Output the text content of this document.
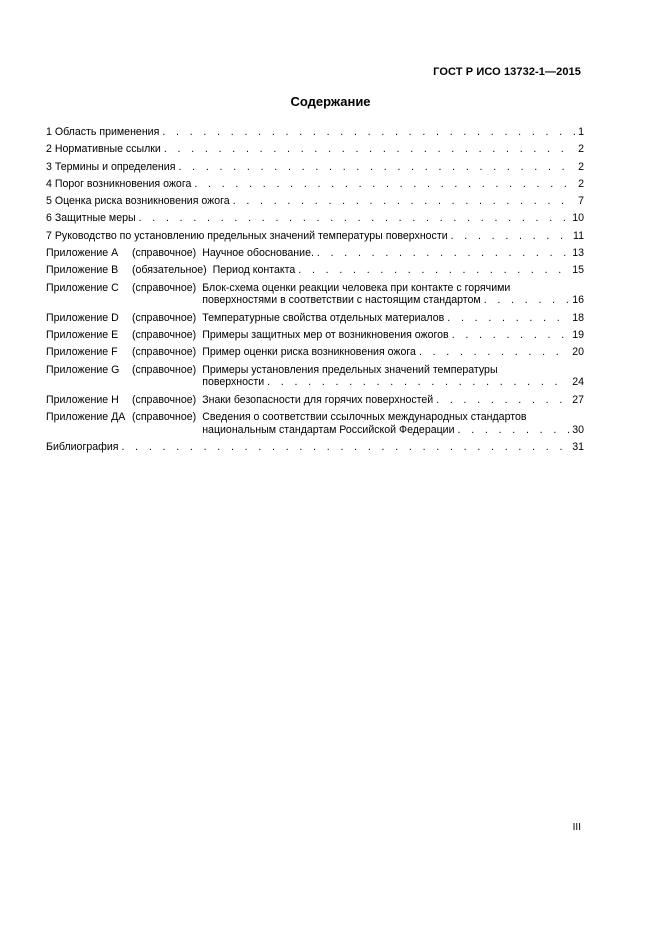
ГОСТ Р ИСО 13732-1—2015
Содержание
1 Область применения . . .	1
2 Нормативные ссылки . . .	2
3 Термины и определения . . .	2
4 Порог возникновения ожога . . .	2
5 Оценка риска возникновения ожога . . .	7
6 Защитные меры . . .	10
7 Руководство по установлению предельных значений температуры поверхности . . .	11
Приложение А	(справочное) Научное обоснование. . . .	13
Приложение В	(обязательное) Период контакта . . .	15
Приложение С	(справочное) Блок-схема оценки реакции человека при контакте с горячими
поверхностями в соответствии с настоящим стандартом . . .	16
Приложение D	(справочное) Температурные свойства отдельных материалов . . .	18
Приложение Е	(справочное) Примеры защитных мер от возникновения ожогов . . .	19
Приложение F	(справочное) Пример оценки риска возникновения ожога . . .	20
Приложение G	(справочное) Примеры установления предельных значений температуры
поверхности . . .	24
Приложение Н	(справочное) Знаки безопасности для горячих поверхностей . . .	27
Приложение ДА (справочное) Сведения о соответствии ссылочных международных стандартов
национальным стандартам Российской Федерации . . .	30
Библиография . . .	31
III
